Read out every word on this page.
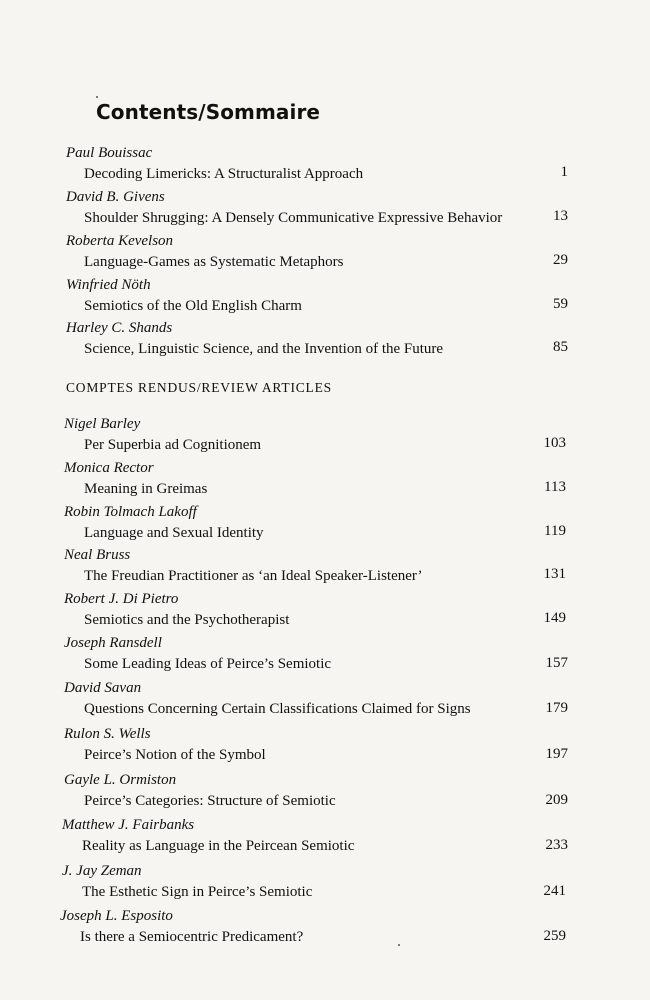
Contents/Sommaire
Paul Bouissac
Decoding Limericks: A Structuralist Approach	1
David B. Givens
Shoulder Shrugging: A Densely Communicative Expressive Behavior	13
Roberta Kevelson
Language-Games as Systematic Metaphors	29
Winfried Nöth
Semiotics of the Old English Charm	59
Harley C. Shands
Science, Linguistic Science, and the Invention of the Future	85
COMPTES RENDUS/REVIEW ARTICLES
Nigel Barley
Per Superbia ad Cognitionem	103
Monica Rector
Meaning in Greimas	113
Robin Tolmach Lakoff
Language and Sexual Identity	119
Neal Bruss
The Freudian Practitioner as ‘an Ideal Speaker-Listener’	131
Robert J. Di Pietro
Semiotics and the Psychotherapist	149
Joseph Ransdell
Some Leading Ideas of Peirce’s Semiotic	157
David Savan
Questions Concerning Certain Classifications Claimed for Signs	179
Rulon S. Wells
Peirce’s Notion of the Symbol	197
Gayle L. Ormiston
Peirce’s Categories: Structure of Semiotic	209
Matthew J. Fairbanks
Reality as Language in the Peircean Semiotic	233
J. Jay Zeman
The Esthetic Sign in Peirce’s Semiotic	241
Joseph L. Esposito
Is there a Semiocentric Predicament?	259
